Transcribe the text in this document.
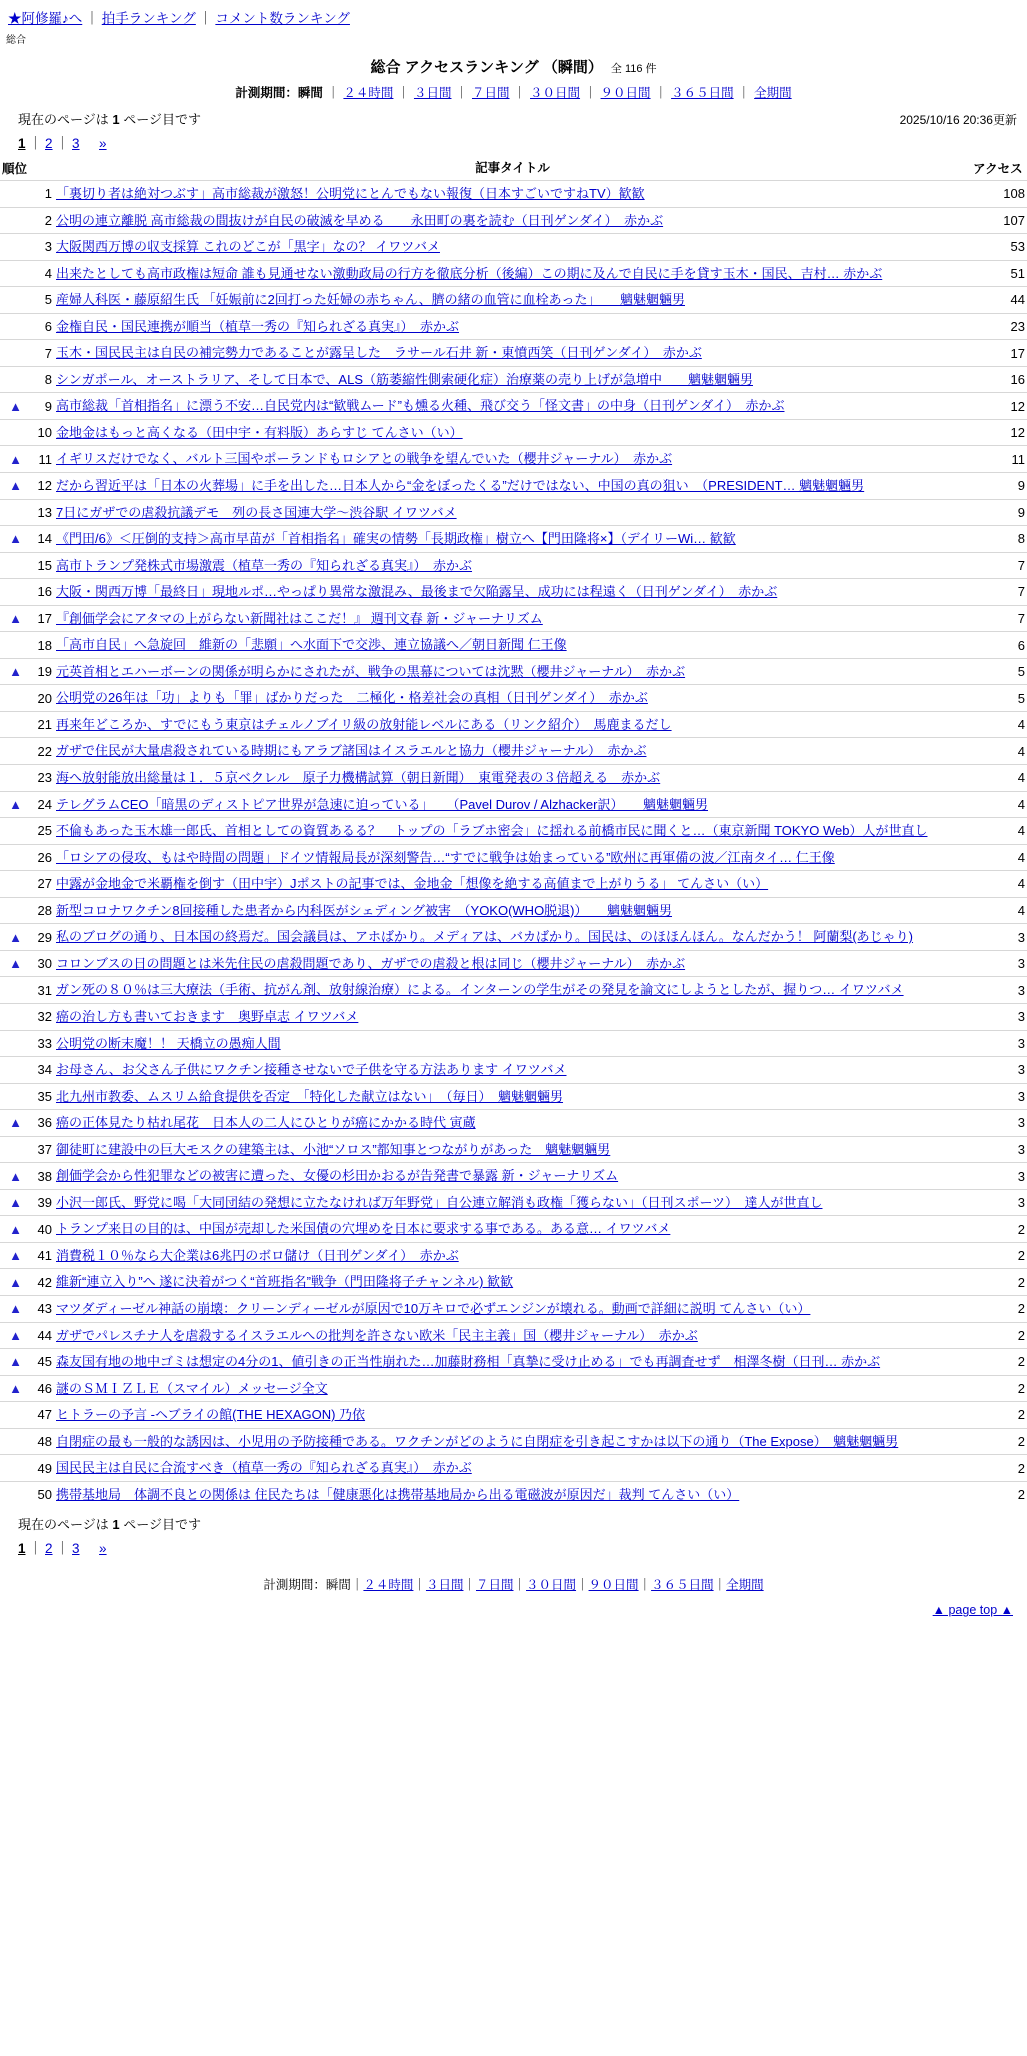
★阿修羅♪へ ｜ 拍手ランキング ｜ コメント数ランキング
総合
総合 アクセスランキング （瞬間） 全 116 件
計測期間：瞬間 ｜ ２４時間 ｜ ３日間 ｜ ７日間 ｜ ３０日間 ｜ ９０日間 ｜ ３６５日間 ｜ 全期間
現在のページは 1 ページ目です	2025/10/16 20:36更新
1 ｜ 2 ｜ 3　 »
順位		記事タイトル	アクセス
	1	「裏切り者は絶対つぶす」高市総裁が激怒！公明党にとんでもない報復（日本すごいですねTV）歓歓	108
	2	公明の連立離脱 高市総裁の間抜けが自民の破滅を早める　　永田町の裏を読む（日刊ゲンダイ）　赤かぶ	107
	3	大阪関西万博の収支採算 これのどこが「黒字」なの？ イワツバメ	53
	4	出来たとしても高市政権は短命 誰も見通せない激動政局の行方を徹底分析（後編）この期に及んで自民に手を貸す玉木・国民、吉村… 赤かぶ	51
	5	産婦人科医・藤原紹生氏 「妊娠前に2回打った妊婦の赤ちゃん、臍の緒の血管に血栓あった」　　魑魅魍魎男	44
	6	金権自民・国民連携が順当（植草一秀の『知られざる真実』）　赤かぶ	23
	7	玉木・国民民主は自民の補完勢力であることが露呈した　ラサール石井 新・東憤西笑（日刊ゲンダイ）　赤かぶ	17
	8	シンガポール、オーストラリア、そして日本で、ALS（筋萎縮性側索硬化症）治療薬の売り上げが急増中　　魑魅魍魎男	16
▲	9	高市総裁「首相指名」に漂う不安…自民党内は“歓戦ムード”も燻る火種、飛び交う「怪文書」の中身（日刊ゲンダイ）　赤かぶ	12
	10	金地金はもっと高くなる（田中宇・有料版）あらすじ てんさい（い）	12
▲	11	イギリスだけでなく、バルト三国やポーランドもロシアとの戦争を望んでいた（櫻井ジャーナル）　赤かぶ	11
▲	12	だから習近平は「日本の火葬場」に手を出した…日本人から“金をぼったくる”だけではない、中国の真の狙い　（PRESIDENT… 魑魅魍魎男	9
	13	7日にガザでの虐殺抗議デモ　列の長さ国連大学～渋谷駅 イワツバメ	9
▲	14	《門田/6》＜圧倒的支持＞高市早苗が「首相指名」確実の情勢「長期政権」樹立へ【門田隆将×】（デイリーWi… 歓歓	8
	15	高市トランプ発株式市場激震（植草一秀の『知られざる真実』）　赤かぶ	7
	16	大阪・関西万博「最終日」現地ルポ…やっぱり異常な激混み、最後まで欠陥露呈、成功には程遠く（日刊ゲンダイ）　赤かぶ	7
▲	17	『創価学会にアタマの上がらない新聞社はここだ！』 週刊文春 新・ジャーナリズム	7
	18	「高市自民」へ急旋回　維新の「悲願」へ水面下で交渉、連立協議へ／朝日新聞 仁王像	6
▲	19	元英首相とエハーボーンの関係が明らかにされたが、戦争の黒幕については沈黙（櫻井ジャーナル）　赤かぶ	5
	20	公明党の26年は「功」よりも「罪」ばかりだった　二極化・格差社会の真相（日刊ゲンダイ）　赤かぶ	5
	21	再来年どころか、すでにもう東京はチェルノブイリ級の放射能レベルにある（リンク紹介）　馬鹿まるだし	4
	22	ガザで住民が大量虐殺されている時期にもアラブ諸国はイスラエルと協力（櫻井ジャーナル）　赤かぶ	4
	23	海へ放射能放出総量は１．５京ベクレル　原子力機構試算（朝日新聞）　東電発表の３倍超える　赤かぶ	4
▲	24	テレグラムCEO「暗黒のディストピア世界が急速に迫っている」　　（Pavel Durov / Alzhacker訳）　　魑魅魍魎男	4
	25	不倫もあった玉木雄一郎氏、首相としての資質あるる？　トップの「ラブホ密会」に揺れる前橋市民に聞くと…（東京新聞 TOKYO Web）人が世直し	4
	26	「ロシアの侵攻、もはや時間の問題」ドイツ情報局長が深刻警告…“すでに戦争は始まっている”欧州に再軍備の波／江南タイ… 仁王像	4
	27	中露が金地金で米覇権を倒す（田中宇）Jポストの記事では、金地金「想像を絶する高値まで上がりうる」 てんさい（い）	4
	28	新型コロナワクチン8回接種した患者から内科医がシェディング被害　（YOKO(WHO脱退)）　　魑魅魍魎男	4
▲	29	私のブログの通り、日本国の終焉だ。国会議員は、アホばかり。メディアは、バカばかり。国民は、のほほんほん。なんだかう！ 阿蘭梨(あじゃり)	3
▲	30	コロンブスの日の問題とは米先住民の虐殺問題であり、ガザでの虐殺と根は同じ（櫻井ジャーナル）　赤かぶ	3
	31	ガン死の８０％は三大療法（手術、抗がん剤、放射線治療）による。インターンの学生がその発見を論文にしようとしたが、握りつ… イワツバメ	3
	32	癌の治し方も書いておきます　奥野卓志 イワツバメ	3
	33	公明党の断末魔！！ 天橋立の愚痴人間	3
	34	お母さん、お父さん子供にワクチン接種させないで子供を守る方法あります イワツバメ	3
	35	北九州市教委、ムスリム給食提供を否定　「特化した献立はない」　（毎日）　魑魅魍魎男	3
▲	36	癌の正体見たり枯れ尾花　日本人の二人にひとりが癌にかかる時代 寅蔵	3
	37	御徒町に建設中の巨大モスクの建築主は、小池“ソロス”都知事とつながりがあった　魑魅魍魎男	3
▲	38	創価学会から性犯罪などの被害に遭った、女優の杉田かおるが告発書で暴露 新・ジャーナリズム	3
▲	39	小沢一郎氏、野党に喝「大同団結の発想に立たなければ万年野党」自公連立解消も政権「獲らない」（日刊スポーツ）　達人が世直し	3
▲	40	トランプ来日の目的は、中国が売却した米国債の穴埋めを日本に要求する事である。ある意… イワツバメ	2
▲	41	消費税１０％なら大企業は6兆円のボロ儲け（日刊ゲンダイ）　赤かぶ	2
▲	42	維新“連立入り”へ 遂に決着がつく“首班指名”戦争（門田隆将子チャンネル) 歓歓	2
▲	43	マツダディーゼル神話の崩壊：クリーンディーゼルが原因で10万キロで必ずエンジンが壊れる。動画で詳細に説明 てんさい（い）	2
▲	44	ガザでパレスチナ人を虐殺するイスラエルへの批判を許さない欧米「民主主義」国（櫻井ジャーナル）　赤かぶ	2
▲	45	森友国有地の地中ゴミは想定の4分の1、値引きの正当性崩れた…加藤財務相「真摯に受け止める」でも再調査せず　相澤冬樹（日刊… 赤かぶ	2
▲	46	謎のＳＭＩＺＬＥ（スマイル）メッセージ全文	2
	47	ヒトラーの予言 -ヘブライの館(THE HEXAGON) 乃依	2
	48	自閉症の最も一般的な誘因は、小児用の予防接種である。ワクチンがどのように自閉症を引き起こすかは以下の通り（The Expose）　魑魅魍魎男	2
	49	国民民主は自民に合流すべき（植草一秀の『知られざる真実』）　赤かぶ	2
	50	携帯基地局　体調不良との関係は 住民たちは「健康悪化は携帯基地局から出る電磁波が原因だ」裁判 てんさい（い）	2
現在のページは 1 ページ目です
1 ｜ 2 ｜ 3　 »
計測期間：瞬間｜２４時間｜３日間｜７日間｜３０日間｜９０日間｜３６５日間｜全期間
▲ page top ▲
